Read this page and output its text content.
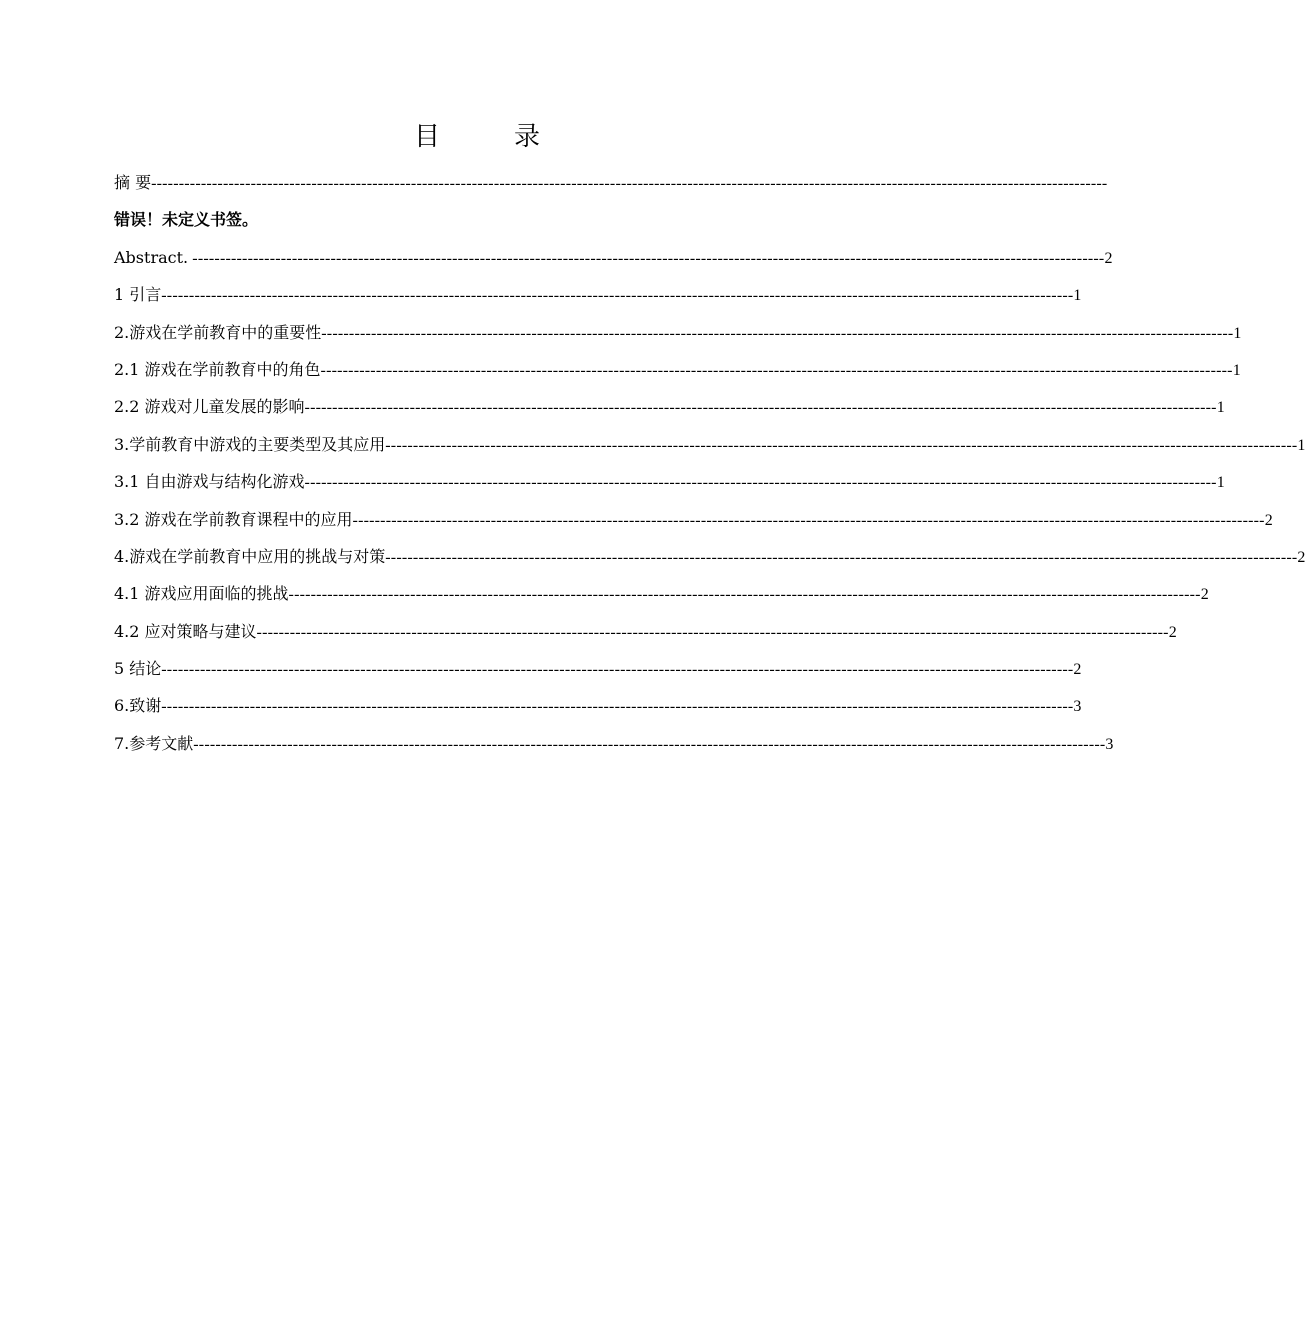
目　录
摘 要 -----------------------------------------------------------------------------------------------------------------------------------------------------------------------------
错误！未定义书签。
Abstract. --------------------------------------------------------------------------------------------------------------------------------------------------------------------- 2
1 引言 --------------------------------------------------------------------------------------------------------------------------------------------------------------------- 1
2.游戏在学前教育中的重要性 --------------------------------------------------------------------------------------------------------------------------------------------------------------------- 1
2.1 游戏在学前教育中的角色 --------------------------------------------------------------------------------------------------------------------------------------------------------------------- 1
2.2 游戏对儿童发展的影响 --------------------------------------------------------------------------------------------------------------------------------------------------------------------- 1
3.学前教育中游戏的主要类型及其应用 --------------------------------------------------------------------------------------------------------------------------------------------------------------------- 1
3.1 自由游戏与结构化游戏 --------------------------------------------------------------------------------------------------------------------------------------------------------------------- 1
3.2 游戏在学前教育课程中的应用 --------------------------------------------------------------------------------------------------------------------------------------------------------------------- 2
4.游戏在学前教育中应用的挑战与对策 --------------------------------------------------------------------------------------------------------------------------------------------------------------------- 2
4.1 游戏应用面临的挑战 --------------------------------------------------------------------------------------------------------------------------------------------------------------------- 2
4.2 应对策略与建议 --------------------------------------------------------------------------------------------------------------------------------------------------------------------- 2
5 结论 --------------------------------------------------------------------------------------------------------------------------------------------------------------------- 2
6.致谢 --------------------------------------------------------------------------------------------------------------------------------------------------------------------- 3
7.参考文献 --------------------------------------------------------------------------------------------------------------------------------------------------------------------- 3
